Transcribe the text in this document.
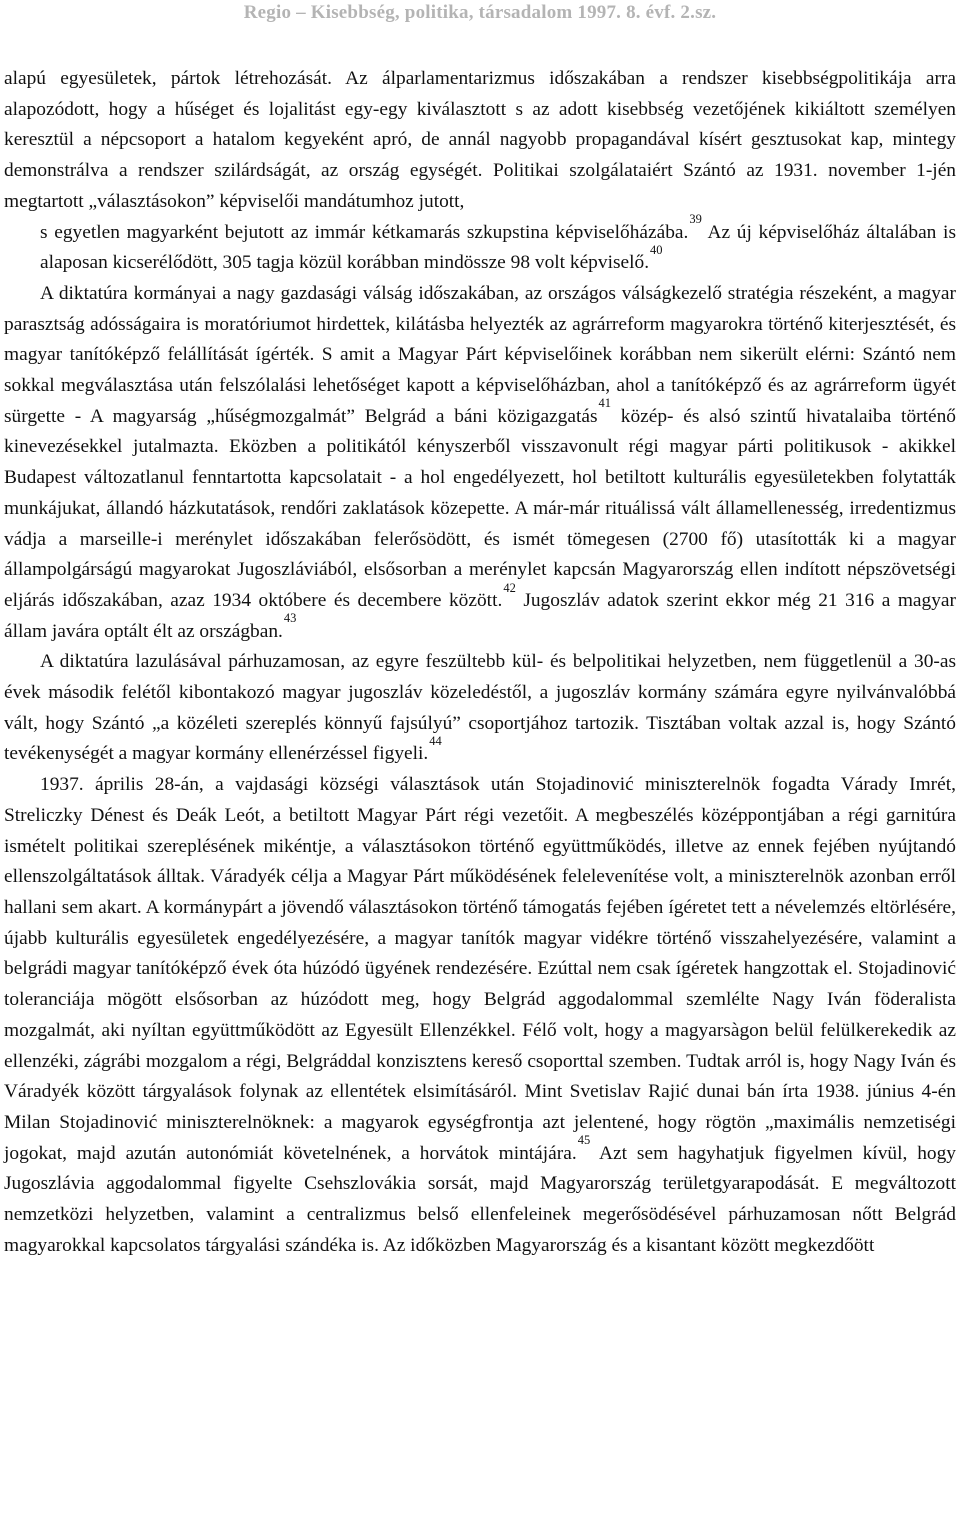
Regio – Kisebbség, politika, társadalom 1997. 8. évf. 2.sz.

alapú egyesületek, pártok létrehozását. Az álparlamentarizmus időszakában a rendszer kisebbségpolitikája arra alapozódott, hogy a hűséget és lojalitást egy-egy kiválasztott s az adott kisebbség vezetőjének kikiáltott személyen keresztül a népcsoport a hatalom kegyeként apró, de annál nagyobb propagandával kísért gesztusokat kap, mintegy demonstrálva a rendszer szilárdságát, az ország egységét. Politikai szolgálataiért Szántó az 1931. november 1-jén megtartott „választásokon” képviselői mandátumhoz jutott,
s egyetlen magyarként bejutott az immár kétkamarás szkupstina képviselőházába.$^{39}$ Az új képviselőház általában is alaposan kicserélődött, 305 tagja közül korábban mindössze 98 volt képviselő.$^{40}$

A diktatúra kormányai a nagy gazdasági válság időszakában, az országos válságkezelő stratégia részeként, a magyar parasztság adósságaira is moratóriumot hirdettek, kilátásba helyezték az agrárreform magyarokra történő kiterjesztését, és magyar tanítóképző felállítását ígérték. S amit a Magyar Párt képviselőinek korábban nem sikerült elérni: Szántó nem sokkal megválasztása után felszólalási lehetőséget kapott a képviselőházban, ahol a tanítóképző és az agrárreform ügyét sürgette - A magyarság „hűségmozgalmát” Belgrád a báni közigazgatás$^{41}$ közép- és alsó szintű hivatalaiba történő kinevezésekkel jutalmazta. Eközben a politikától kényszerből visszavonult régi magyar párti politikusok - akikkel Budapest változatlanul fenntartotta kapcsolatait - a hol engedélyezett, hol betiltott kulturális egyesületekben folytatták munkájukat, állandó házkutatások, rendőri zaklatások közepette. A már-már rituálissá vált államellenesség, irredentizmus vádja a marseille-i merénylet időszakában felerősödött, és ismét tömegesen (2700 fő) utasították ki a magyar állampolgárságú magyarokat Jugoszláviából, elsősorban a merénylet kapcsán Magyarország ellen indított népszövetségi eljárás időszakában, azaz 1934 októbere és decembere között.$^{42}$ Jugoszláv adatok szerint ekkor még 21 316 a magyar állam javára optált élt az országban.$^{43}$

A diktatúra lazulásával párhuzamosan, az egyre feszültebb kül- és belpolitikai helyzetben, nem függetlenül a 30-as évek második felétől kibontakozó magyar jugoszláv közeledéstől, a jugoszláv kormány számára egyre nyilvánvalóbbá vált, hogy Szántó „a közéleti szereplés könnyű fajsúlyú” csoportjához tartozik. Tisztában voltak azzal is, hogy Szántó tevékenységét a magyar kormány ellenérzéssel figyeli.$^{44}$

1937. április 28-án, a vajdasági községi választások után Stojadinović miniszterelnök fogadta Várady Imrét, Streliczky Dénest és Deák Leót, a betiltott Magyar Párt régi vezetőit. A megbeszélés középpontjában a régi garnitúra ismételt politikai szereplésének mikéntje, a választásokon történő együttműködés, illetve az ennek fejében nyújtandó ellenszolgáltatások álltak. Váradyék célja a Magyar Párt működésének felelevenítése volt, a miniszterelnök azonban erről hallani sem akart. A kormánypárt a jövendő választásokon történő támogatás fejében ígéretet tett a névelemzés eltörlésére, újabb kulturális egyesületek engedélyezésére, a magyar tanítók magyar vidékre történő visszahelyezésére, valamint a belgrádi magyar tanítóképző évek óta húzódó ügyének rendezésére. Ezúttal nem csak ígéretek hangzottak el. Stojadinović toleranciája mögött elsősorban az húzódott meg, hogy Belgrád aggodalommal szemlélte Nagy Iván föderalista mozgalmát, aki nyíltan együttműködött az Egyesült Ellenzékkel. Félő volt, hogy a magyarsàgon belül felülkerekedik az ellenzéki, zágrábi mozgalom a régi, Belgráddal konzisztens kereső csoporttal szemben. Tudtak arról is, hogy Nagy Iván és Váradyék között tárgyalások folynak az ellentétek elsimításáról. Mint Svetislav Rajić dunai bán írta 1938. június 4-én Milan Stojadinović miniszterelnöknek: a magyarok egységfrontja azt jelentené, hogy rögtön „maximális nemzetiségi jogokat, majd azután autonómiát követelnének, a horvátok mintájára.$^{45}$ Azt sem hagyhatjuk figyelmen kívül, hogy Jugoszlávia aggodalommal figyelte Csehszlovákia sorsát, majd Magyarország területgyarapodását. E megváltozott nemzetközi helyzetben, valamint a centralizmus belső ellenfeleinek megerősödésével párhuzamosan nőtt Belgrád magyarokkal kapcsolatos tárgyalási szándéka is. Az időközben Magyarország és a kisantant között megkezdőött
